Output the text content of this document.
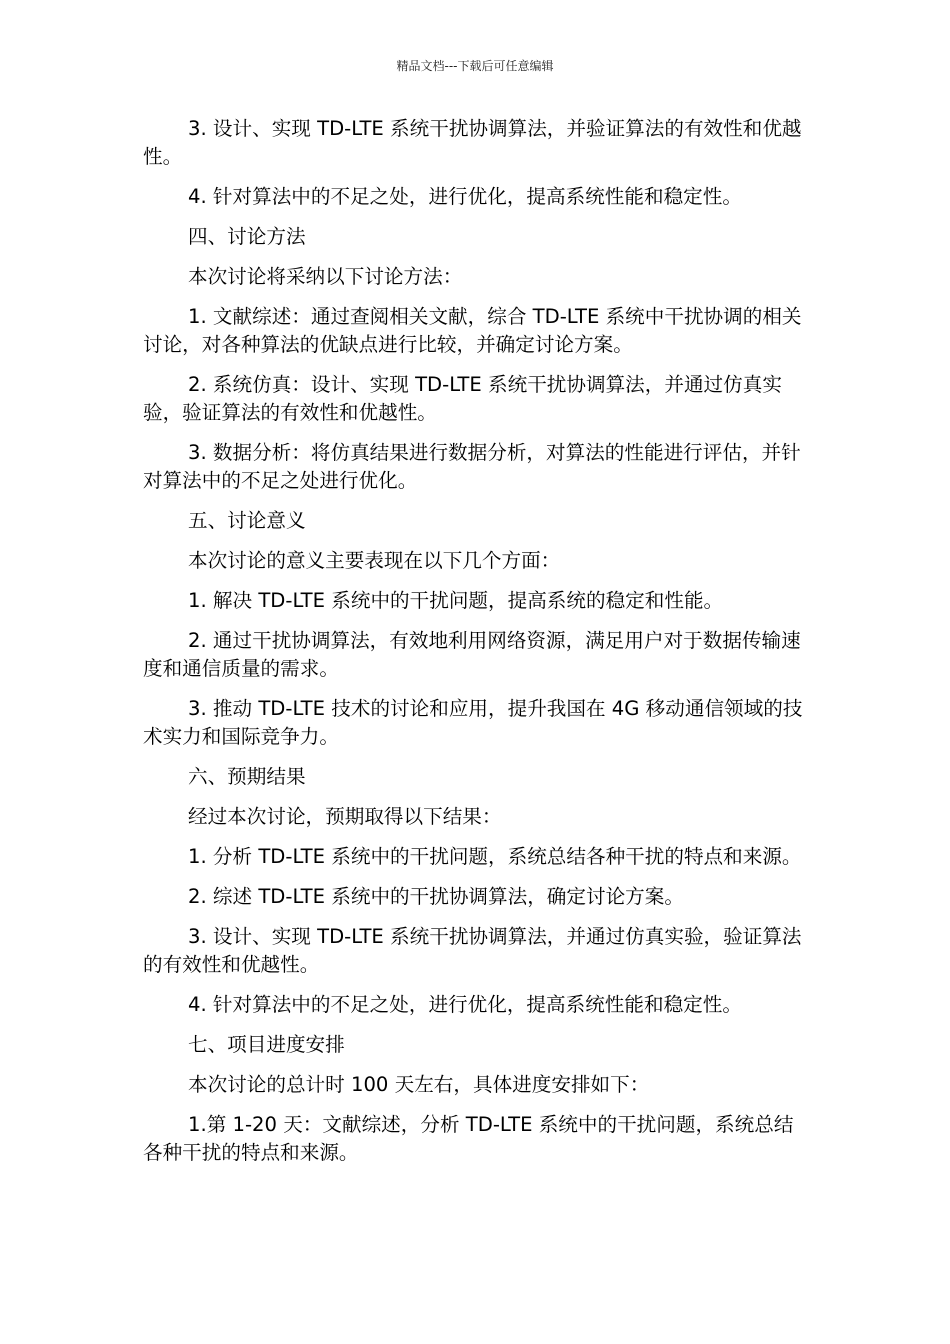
精品文档---下载后可任意编辑

3. 设计、实现 TD-LTE 系统干扰协调算法，并验证算法的有效性和优越性。

4. 针对算法中的不足之处，进行优化，提高系统性能和稳定性。

四、讨论方法

本次讨论将采纳以下讨论方法：

1. 文献综述：通过查阅相关文献，综合 TD-LTE 系统中干扰协调的相关讨论，对各种算法的优缺点进行比较，并确定讨论方案。

2. 系统仿真：设计、实现 TD-LTE 系统干扰协调算法，并通过仿真实验，验证算法的有效性和优越性。

3. 数据分析：将仿真结果进行数据分析，对算法的性能进行评估，并针对算法中的不足之处进行优化。

五、讨论意义

本次讨论的意义主要表现在以下几个方面：

1. 解决 TD-LTE 系统中的干扰问题，提高系统的稳定和性能。

2. 通过干扰协调算法，有效地利用网络资源，满足用户对于数据传输速度和通信质量的需求。

3. 推动 TD-LTE 技术的讨论和应用，提升我国在 4G 移动通信领域的技术实力和国际竞争力。

六、预期结果

经过本次讨论，预期取得以下结果：

1. 分析 TD-LTE 系统中的干扰问题，系统总结各种干扰的特点和来源。

2. 综述 TD-LTE 系统中的干扰协调算法，确定讨论方案。

3. 设计、实现 TD-LTE 系统干扰协调算法，并通过仿真实验，验证算法的有效性和优越性。

4. 针对算法中的不足之处，进行优化，提高系统性能和稳定性。

七、项目进度安排

本次讨论的总计时 100 天左右，具体进度安排如下：

1.第 1-20 天：文献综述，分析 TD-LTE 系统中的干扰问题，系统总结各种干扰的特点和来源。
